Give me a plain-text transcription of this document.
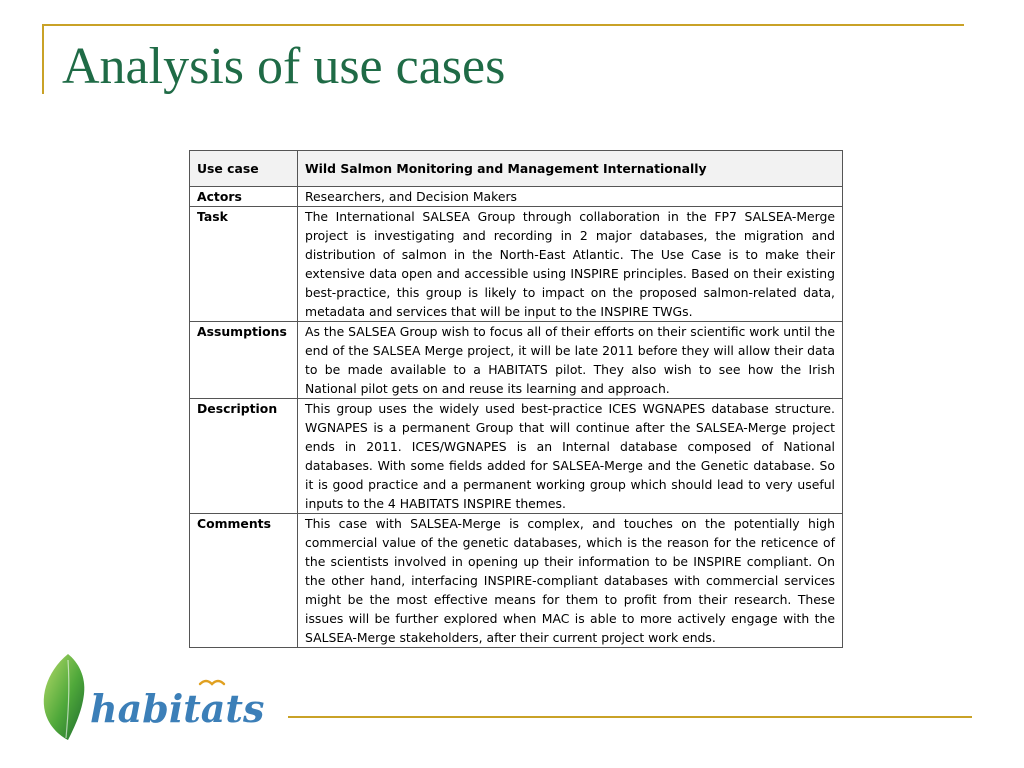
Analysis of use cases
Use case	Wild Salmon Monitoring and Management Internationally
Actors	Researchers, and Decision Makers
Task	The International SALSEA Group through collaboration in the FP7 SALSEA-Merge project is investigating and recording in 2 major databases, the migration and distribution of salmon in the North-East Atlantic. The Use Case is to make their extensive data open and accessible using INSPIRE principles. Based on their existing best-practice, this group is likely to impact on the proposed salmon-related data, metadata and services that will be input to the INSPIRE TWGs.
Assumptions	As the SALSEA Group wish to focus all of their efforts on their scientific work until the end of the SALSEA Merge project, it will be late 2011 before they will allow their data to be made available to a HABITATS pilot. They also wish to see how the Irish National pilot gets on and reuse its learning and approach.
Description	This group uses the widely used best-practice ICES WGNAPES database structure. WGNAPES is a permanent Group that will continue after the SALSEA-Merge project ends in 2011. ICES/WGNAPES is an Internal database composed of National databases. With some fields added for SALSEA-Merge and the Genetic database. So it is good practice and a permanent working group which should lead to very useful inputs to the 4 HABITATS INSPIRE themes.
Comments	This case with SALSEA-Merge is complex, and touches on the potentially high commercial value of the genetic databases, which is the reason for the reticence of the scientists involved in opening up their information to be INSPIRE compliant. On the other hand, interfacing INSPIRE-compliant databases with commercial services might be the most effective means for them to profit from their research. These issues will be further explored when MAC is able to more actively engage with the SALSEA-Merge stakeholders, after their current project work ends.
habitats
